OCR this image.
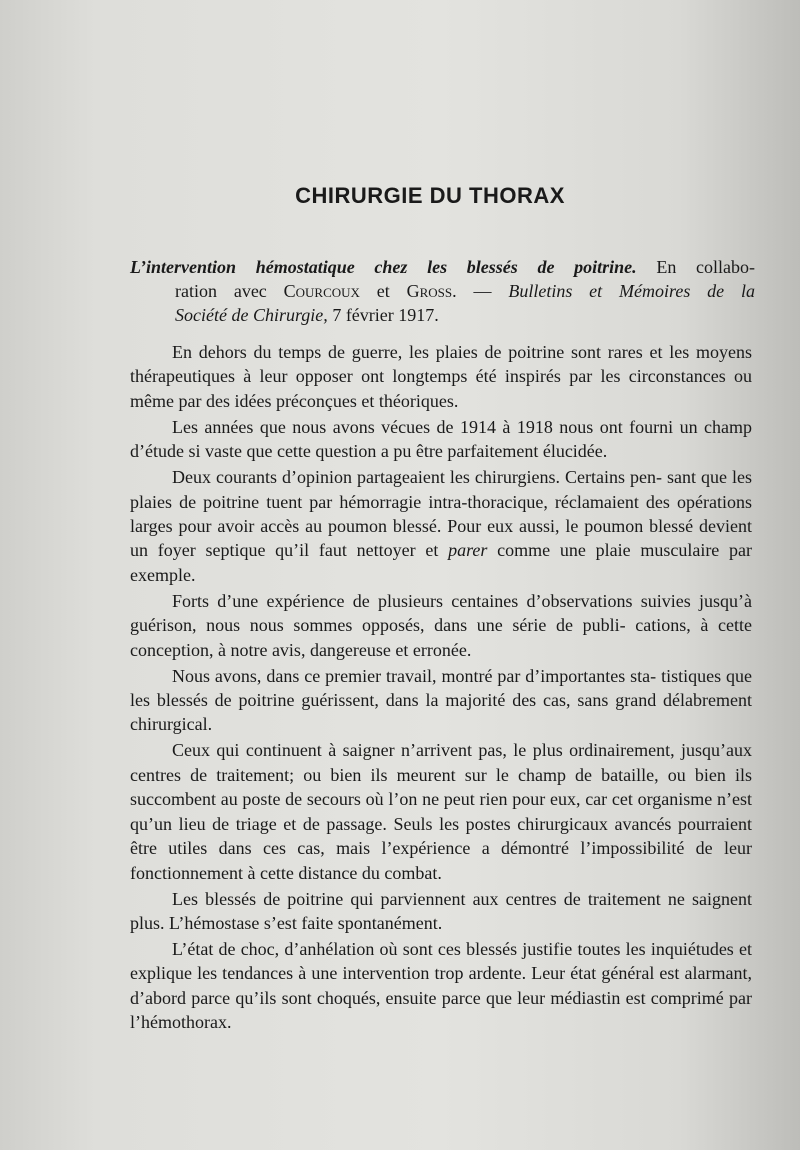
CHIRURGIE DU THORAX
L’intervention hémostatique chez les blessés de poitrine. En collabo-
ration avec Courcoux et Gross. — Bulletins et Mémoires de la
Société de Chirurgie, 7 février 1917.

En dehors du temps de guerre, les plaies de poitrine sont rares et les moyens thérapeutiques à leur opposer ont longtemps été inspirés par les circonstances ou même par des idées préconçues et théoriques.

Les années que nous avons vécues de 1914 à 1918 nous ont fourni un champ d’étude si vaste que cette question a pu être parfaitement élucidée.

Deux courants d’opinion partageaient les chirurgiens. Certains pen- sant que les plaies de poitrine tuent par hémorragie intra-thoracique, réclamaient des opérations larges pour avoir accès au poumon blessé. Pour eux aussi, le poumon blessé devient un foyer septique qu’il faut nettoyer et parer comme une plaie musculaire par exemple.

Forts d’une expérience de plusieurs centaines d’observations suivies jusqu’à guérison, nous nous sommes opposés, dans une série de publi- cations, à cette conception, à notre avis, dangereuse et erronée.

Nous avons, dans ce premier travail, montré par d’importantes sta- tistiques que les blessés de poitrine guérissent, dans la majorité des cas, sans grand délabrement chirurgical.

Ceux qui continuent à saigner n’arrivent pas, le plus ordinairement, jusqu’aux centres de traitement; ou bien ils meurent sur le champ de bataille, ou bien ils succombent au poste de secours où l’on ne peut rien pour eux, car cet organisme n’est qu’un lieu de triage et de passage. Seuls les postes chirurgicaux avancés pourraient être utiles dans ces cas, mais l’expérience a démontré l’impossibilité de leur fonctionnement à cette distance du combat.

Les blessés de poitrine qui parviennent aux centres de traitement ne saignent plus. L’hémostase s’est faite spontanément.

L’état de choc, d’anhélation où sont ces blessés justifie toutes les inquiétudes et explique les tendances à une intervention trop ardente. Leur état général est alarmant, d’abord parce qu’ils sont choqués, ensuite parce que leur médiastin est comprimé par l’hémothorax.
